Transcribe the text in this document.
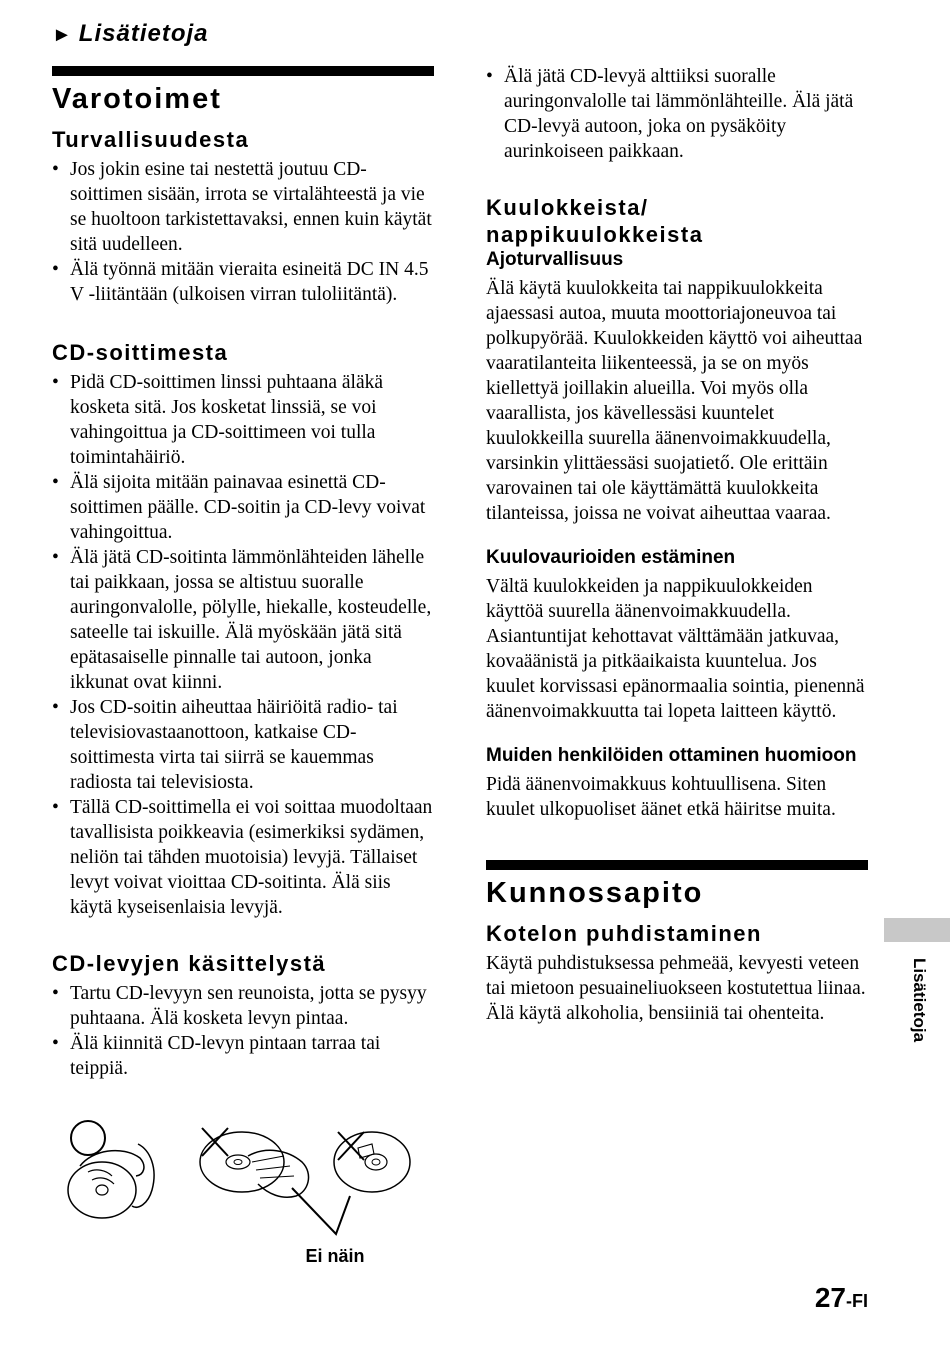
► Lisätietoja
Varotoimet
Turvallisuudesta
• Jos jokin esine tai nestettä joutuu CD-soittimen sisään, irrota se virtalähteestä ja vie se huoltoon tarkistettavaksi, ennen kuin käytät sitä uudelleen.
• Älä työnnä mitään vieraita esineitä DC IN 4.5 V -liitäntään (ulkoisen virran tuloliitäntä).
CD-soittimesta
• Pidä CD-soittimen linssi puhtaana äläkä kosketa sitä. Jos kosketat linssiä, se voi vahingoittua ja CD-soittimeen voi tulla toimintahäiriö.
• Älä sijoita mitään painavaa esinettä CD-soittimen päälle. CD-soitin ja CD-levy voivat vahingoittua.
• Älä jätä CD-soitinta lämmönlähteiden lähelle tai paikkaan, jossa se altistuu suoralle auringonvalolle, pölylle, hiekalle, kosteudelle, sateelle tai iskuille. Älä myöskään jätä sitä epätasaiselle pinnalle tai autoon, jonka ikkunat ovat kiinni.
• Jos CD-soitin aiheuttaa häiriöitä radio- tai televisiovastaanottoon, katkaise CD-soittimesta virta tai siirrä se kauemmas radiosta tai televisiosta.
• Tällä CD-soittimella ei voi soittaa muodoltaan tavallisista poikkeavia (esimerkiksi sydämen, neliön tai tähden muotoisia) levyjä. Tällaiset levyt voivat vioittaa CD-soitinta. Älä siis käytä kyseisenlaisia levyjä.
CD-levyjen käsittelystä
• Tartu CD-levyyn sen reunoista, jotta se pysyy puhtaana. Älä kosketa levyn pintaa.
• Älä kiinnitä CD-levyn pintaan tarraa tai teippiä.
Ei näin
• Älä jätä CD-levyä alttiiksi suoralle auringonvalolle tai lämmönlähteille. Älä jätä CD-levyä autoon, joka on pysäköity aurinkoiseen paikkaan.
Kuulokkeista/
nappikuulokkeista
Ajoturvallisuus

Älä käytä kuulokkeita tai nappikuulokkeita ajaessasi autoa, muuta moottoriajoneuvoa tai polkupyörää. Kuulokkeiden käyttö voi aiheuttaa vaaratilanteita liikenteessä, ja se on myös kiellettyä joillakin alueilla. Voi myös olla vaarallista, jos kävellessäsi kuuntelet kuulokkeilla suurella äänenvoimakkuudella, varsinkin ylittäessäsi suojatiető. Ole erittäin varovainen tai ole käyttämättä kuulokkeita tilanteissa, joissa ne voivat aiheuttaa vaaraa.

Kuulovaurioiden estäminen

Vältä kuulokkeiden ja nappikuulokkeiden käyttöä suurella äänenvoimakkuudella. Asiantuntijat kehottavat välttämään jatkuvaa, kovaäänistä ja pitkäaikaista kuuntelua. Jos kuulet korvissasi epänormaalia sointia, pienennä äänenvoimakkuutta tai lopeta laitteen käyttö.

Muiden henkilöiden ottaminen huomioon

Pidä äänenvoimakkuus kohtuullisena. Siten kuulet ulkopuoliset äänet etkä häiritse muita.

Kunnossapito
Kotelon puhdistaminen

Käytä puhdistuksessa pehmeää, kevyesti veteen tai mietoon pesuaineliuokseen kostutettua liinaa. Älä käytä alkoholia, bensiiniä tai ohenteita.	Lisätietoja
27-FI
